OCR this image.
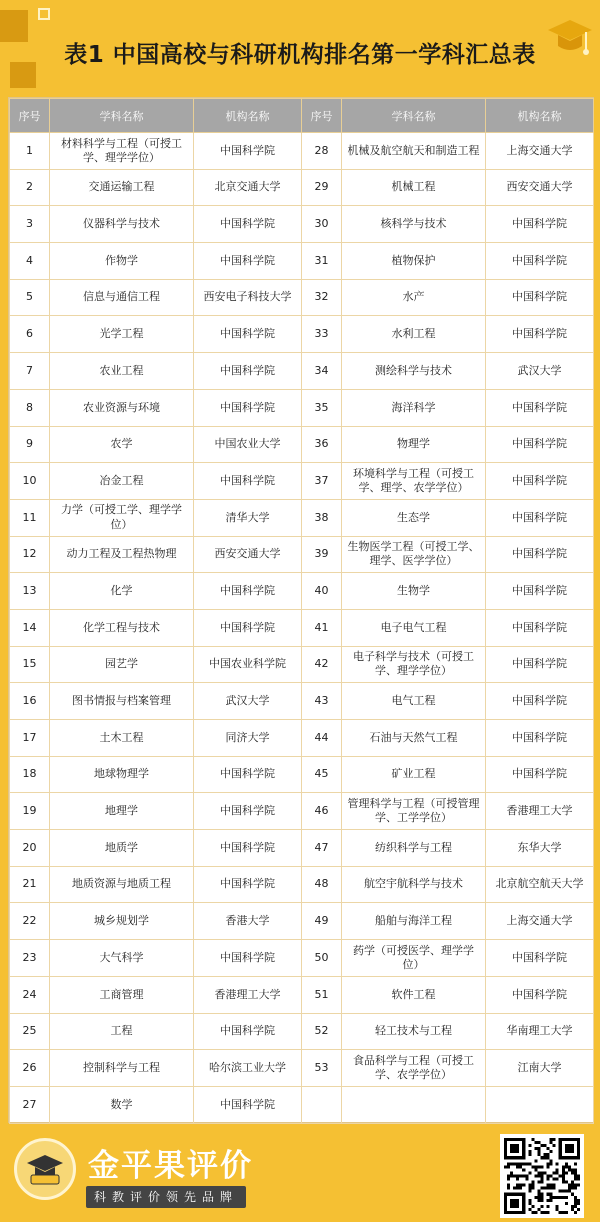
表1 中国高校与科研机构排名第一学科汇总表
序号	学科名称	机构名称	序号	学科名称	机构名称
1	材料科学与工程（可授工学、理学学位）	中国科学院	28	机械及航空航天和制造工程	上海交通大学
2	交通运输工程	北京交通大学	29	机械工程	西安交通大学
3	仪器科学与技术	中国科学院	30	核科学与技术	中国科学院
4	作物学	中国科学院	31	植物保护	中国科学院
5	信息与通信工程	西安电子科技大学	32	水产	中国科学院
6	光学工程	中国科学院	33	水利工程	中国科学院
7	农业工程	中国科学院	34	测绘科学与技术	武汉大学
8	农业资源与环境	中国科学院	35	海洋科学	中国科学院
9	农学	中国农业大学	36	物理学	中国科学院
10	冶金工程	中国科学院	37	环境科学与工程（可授工学、理学、农学学位）	中国科学院
11	力学（可授工学、理学学位）	清华大学	38	生态学	中国科学院
12	动力工程及工程热物理	西安交通大学	39	生物医学工程（可授工学、理学、医学学位）	中国科学院
13	化学	中国科学院	40	生物学	中国科学院
14	化学工程与技术	中国科学院	41	电子电气工程	中国科学院
15	园艺学	中国农业科学院	42	电子科学与技术（可授工学、理学学位）	中国科学院
16	图书情报与档案管理	武汉大学	43	电气工程	中国科学院
17	土木工程	同济大学	44	石油与天然气工程	中国科学院
18	地球物理学	中国科学院	45	矿业工程	中国科学院
19	地理学	中国科学院	46	管理科学与工程（可授管理学、工学学位）	香港理工大学
20	地质学	中国科学院	47	纺织科学与工程	东华大学
21	地质资源与地质工程	中国科学院	48	航空宇航科学与技术	北京航空航天大学
22	城乡规划学	香港大学	49	船舶与海洋工程	上海交通大学
23	大气科学	中国科学院	50	药学（可授医学、理学学位）	中国科学院
24	工商管理	香港理工大学	51	软件工程	中国科学院
25	工程	中国科学院	52	轻工技术与工程	华南理工大学
26	控制科学与工程	哈尔滨工业大学	53	食品科学与工程（可授工学、农学学位）	江南大学
27	数学	中国科学院			
金平果评价
科教评价领先品牌
